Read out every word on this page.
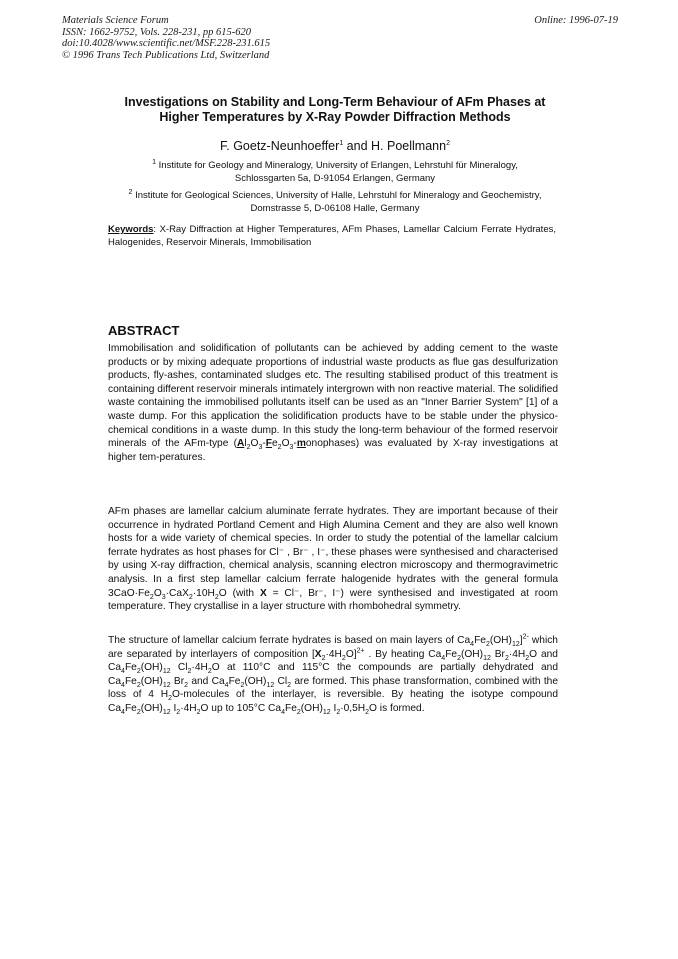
Materials Science Forum
ISSN: 1662-9752, Vols. 228-231, pp 615-620
doi:10.4028/www.scientific.net/MSF.228-231.615
© 1996 Trans Tech Publications Ltd, Switzerland
Online: 1996-07-19
Investigations on Stability and Long-Term Behaviour of AFm Phases at
Higher Temperatures by X-Ray Powder Diffraction Methods
F. Goetz-Neunhoeffer$^1$ and H. Poellmann$^2$
$^1$ Institute for Geology and Mineralogy, University of Erlangen, Lehrstuhl für Mineralogy,
Schlossgarten 5a, D-91054 Erlangen, Germany
$^2$ Institute for Geological Sciences, University of Halle, Lehrstuhl for Mineralogy and Geochemistry,
Domstrasse 5, D-06108 Halle, Germany
Keywords: X-Ray Diffraction at Higher Temperatures, AFm Phases, Lamellar Calcium Ferrate Hydrates, Halogenides, Reservoir Minerals, Immobilisation
ABSTRACT
Immobilisation and solidification of pollutants can be achieved by adding cement to the waste products or by mixing adequate proportions of industrial waste products as flue gas desulfurization products, fly-ashes, contaminated sludges etc. The resulting stabilised product of this treatment is containing different reservoir minerals intimately intergrown with non reactive material. The solidified waste containing the immobilised pollutants itself can be used as an "Inner Barrier System" [1] of a waste dump. For this application the solidification products have to be stable under the physico-chemical conditions in a waste dump. In this study the long-term behaviour of the formed reservoir minerals of the AFm-type $(Al_2O_3-Fe_2O_3-monophases)$ was evaluated by X-ray investigations at higher tem-peratures.
AFm phases are lamellar calcium aluminate ferrate hydrates. They are important because of their occurrence in hydrated Portland Cement and High Alumina Cement and they are also well known hosts for a wide variety of chemical species. In order to study the potential of the lamellar calcium ferrate hydrates as host phases for Cl⁻ , Br⁻ , I⁻, these phases were synthesised and characterised by using X-ray diffraction, chemical analysis, scanning electron microscopy and thermogravimetric analysis. In a first step lamellar calcium ferrate halogenide hydrates with the general formula $3CaO\cdot Fe_2O_3\cdot CaX_2\cdot 10H_2O$ (with X = Cl⁻, Br⁻, I⁻) were synthesised and investigated at room temperature. They crystallise in a layer structure with rhombohedral symmetry.
The structure of lamellar calcium ferrate hydrates is based on main layers of $Ca_4Fe_2(OH)_{12}]^{2-}$ which are separated by interlayers of composition $[X_2\cdot 4H_2O]^{2+}$ . By heating $Ca_4Fe_2(OH)_{12}$ $Br_2\cdot 4H_2O$ and $Ca_4Fe_2(OH)_{12}$ $Cl_2\cdot 4H_2O$ at 110°C and 115°C the compounds are partially dehydrated and $Ca_4Fe_2(OH)_{12}$ $Br_2$ and $Ca_4Fe_2(OH)_{12}$ $Cl_2$ are formed. This phase transformation, combined with the loss of 4 $H_2O$-molecules of the interlayer, is reversible. By heating the isotype compound $Ca_4Fe_2(OH)_{12}$ $I_2\cdot 4H_2O$ up to 105°C $Ca_4Fe_2(OH)_{12}$ $I_2\cdot 0,5H_2O$ is formed.
